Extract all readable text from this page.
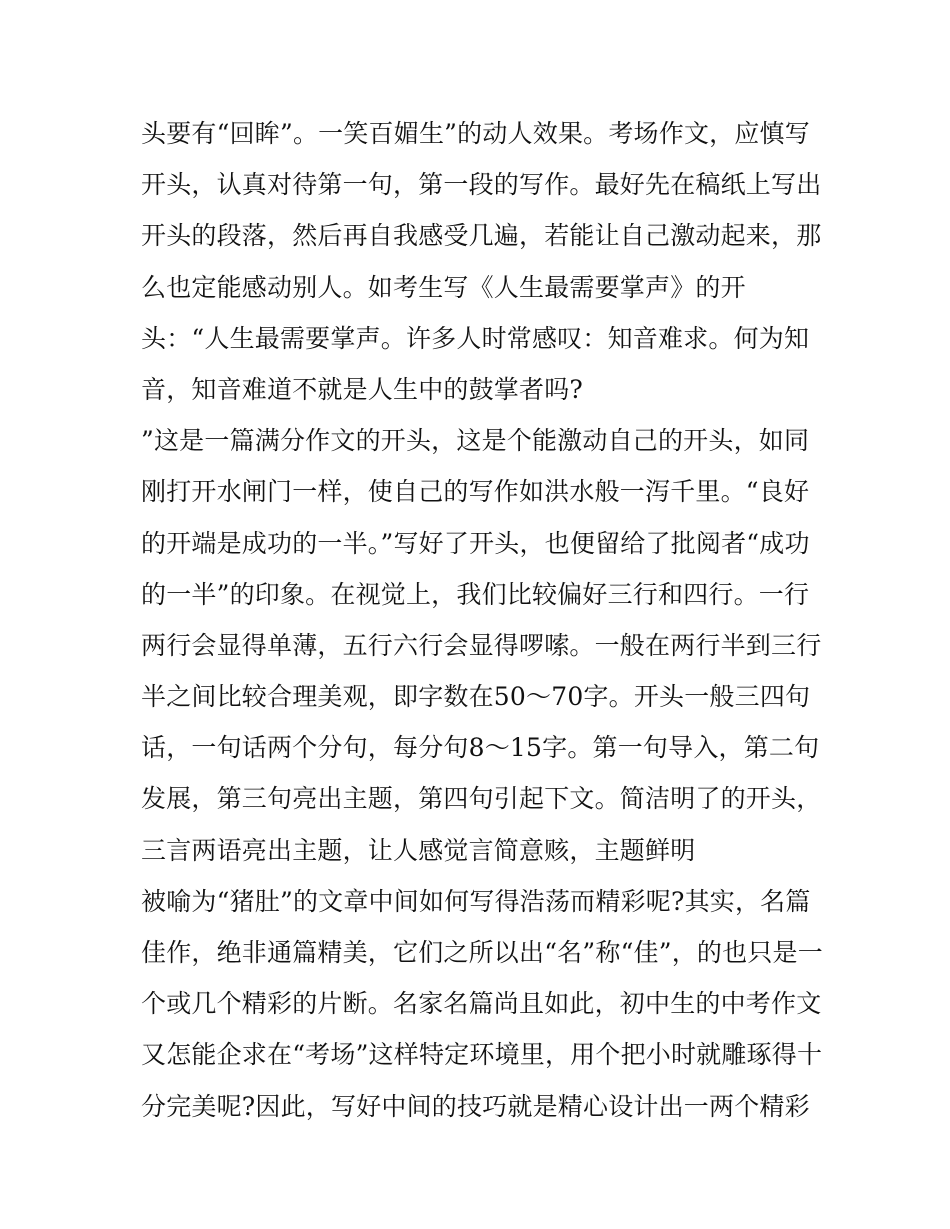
头要有“回眸”。一笑百媚生”的动人效果。考场作文，应慎写
开头，认真对待第一句，第一段的写作。最好先在稿纸上写出
开头的段落，然后再自我感受几遍，若能让自己激动起来，那
么也定能感动别人。如考生写《人生最需要掌声》的开
头：“人生最需要掌声。许多人时常感叹：知音难求。何为知
音，知音难道不就是人生中的鼓掌者吗?
”这是一篇满分作文的开头，这是个能激动自己的开头，如同
刚打开水闸门一样，使自己的写作如洪水般一泻千里。“良好
的开端是成功的一半。”写好了开头，也便留给了批阅者“成功
的一半”的印象。在视觉上，我们比较偏好三行和四行。一行
两行会显得单薄，五行六行会显得啰嗦。一般在两行半到三行
半之间比较合理美观，即字数在50～70字。开头一般三四句
话，一句话两个分句，每分句8～15字。第一句导入，第二句
发展，第三句亮出主题，第四句引起下文。简洁明了的开头，
三言两语亮出主题，让人感觉言简意赅，主题鲜明
被喻为“猪肚”的文章中间如何写得浩荡而精彩呢?其实，名篇
佳作，绝非通篇精美，它们之所以出“名”称“佳”，的也只是一
个或几个精彩的片断。名家名篇尚且如此，初中生的中考作文
又怎能企求在“考场”这样特定环境里，用个把小时就雕琢得十
分完美呢?因此，写好中间的技巧就是精心设计出一两个精彩
